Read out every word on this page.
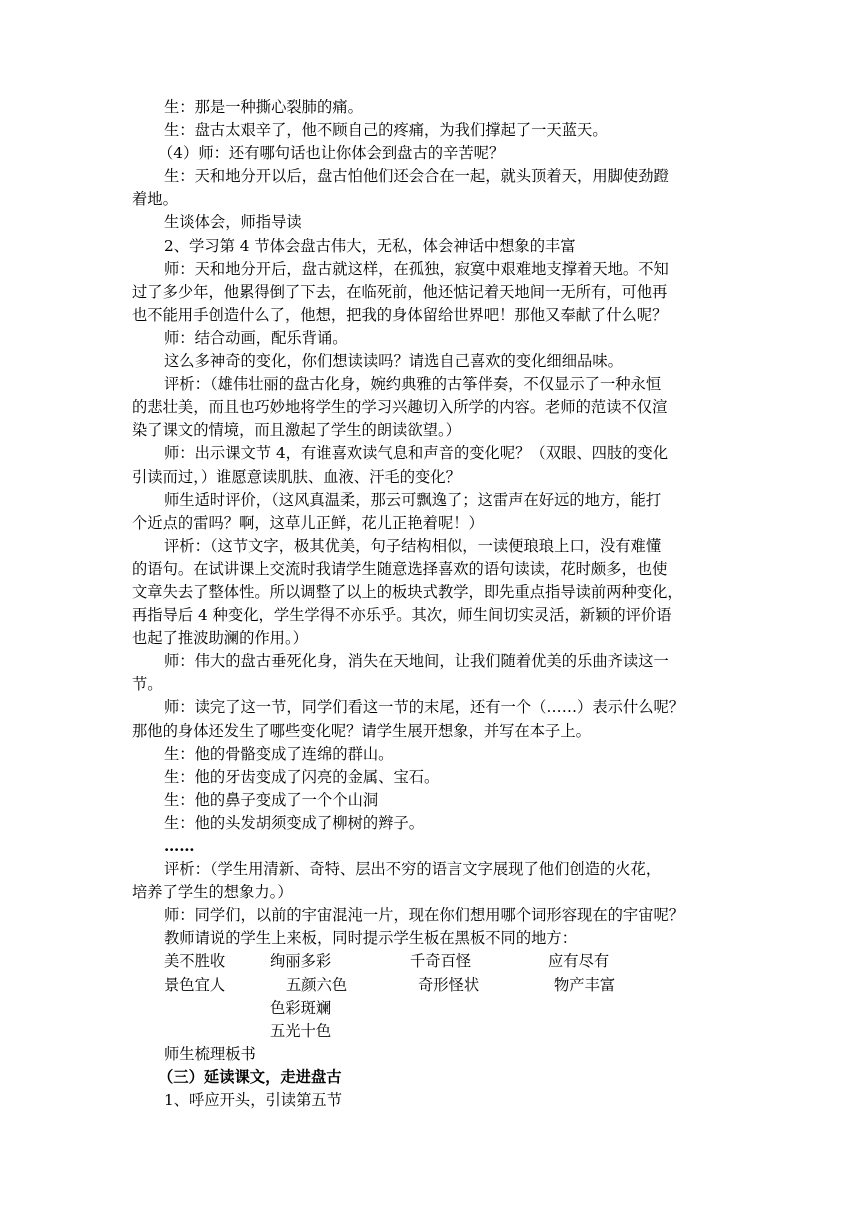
生：那是一种撕心裂肺的痛。
生：盘古太艰辛了，他不顾自己的疼痛，为我们撑起了一天蓝天。
（4）师：还有哪句话也让你体会到盘古的辛苦呢？
生：天和地分开以后，盘古怕他们还会合在一起，就头顶着天，用脚使劲蹬
着地。
生谈体会，师指导读
2、学习第 4 节体会盘古伟大，无私，体会神话中想象的丰富
师：天和地分开后，盘古就这样，在孤独，寂寞中艰难地支撑着天地。不知
过了多少年，他累得倒了下去，在临死前，他还惦记着天地间一无所有，可他再
也不能用手创造什么了，他想，把我的身体留给世界吧！那他又奉献了什么呢？
师：结合动画，配乐背诵。
这么多神奇的变化，你们想读读吗？请选自己喜欢的变化细细品味。
评析：（雄伟壮丽的盘古化身，婉约典雅的古筝伴奏，不仅显示了一种永恒
的悲壮美，而且也巧妙地将学生的学习兴趣切入所学的内容。老师的范读不仅渲
染了课文的情境，而且激起了学生的朗读欲望。）
师：出示课文节 4，有谁喜欢读气息和声音的变化呢？（双眼、四肢的变化
引读而过，）谁愿意读肌肤、血液、汗毛的变化？
师生适时评价，（这风真温柔，那云可飘逸了；这雷声在好远的地方，能打
个近点的雷吗？啊，这草儿正鲜，花儿正艳着呢！）
评析：（这节文字，极其优美，句子结构相似，一读便琅琅上口，没有难懂
的语句。在试讲课上交流时我请学生随意选择喜欢的语句读读，花时颇多，也使
文章失去了整体性。所以调整了以上的板块式教学，即先重点指导读前两种变化，
再指导后 4 种变化，学生学得不亦乐乎。其次，师生间切实灵活，新颖的评价语
也起了推波助澜的作用。）
师：伟大的盘古垂死化身，消失在天地间，让我们随着优美的乐曲齐读这一
节。
师：读完了这一节，同学们看这一节的末尾，还有一个（……）表示什么呢？
那他的身体还发生了哪些变化呢？请学生展开想象，并写在本子上。
生：他的骨骼变成了连绵的群山。
生：他的牙齿变成了闪亮的金属、宝石。
生：他的鼻子变成了一个个山洞
生：他的头发胡须变成了柳树的辫子。
……
评析：（学生用清新、奇特、层出不穷的语言文字展现了他们创造的火花，
培养了学生的想象力。）
师：同学们，以前的宇宙混沌一片，现在你们想用哪个词形容现在的宇宙呢？
教师请说的学生上来板，同时提示学生板在黑板不同的地方：
美不胜收	绚丽多彩	千奇百怪	应有尽有
景色宜人	五颜六色	奇形怪状	物产丰富
色彩斑斓
五光十色
师生梳理板书
（三）延读课文，走进盘古
1、呼应开头，引读第五节
